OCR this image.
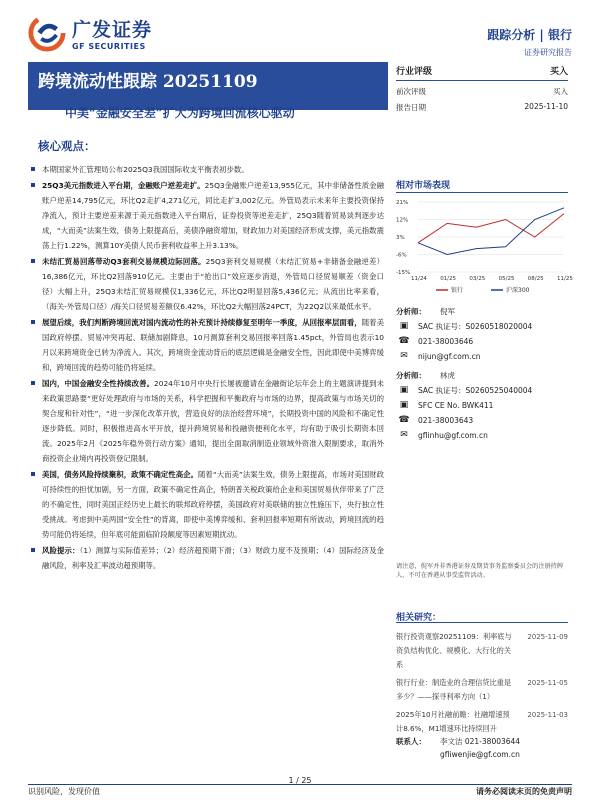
广发证券
GF SECURITIES
跟踪分析 | 银行
证券研究报告
跨境流动性跟踪 20251109
中美“金融安全差”扩大为跨境回流核心驱动
行业评级	买入
前次评级	买入
报告日期	2025-11-10
核心观点：
本期国家外汇管理局公布2025Q3我国国际收支平衡表初步数。
25Q3美元指数进入平台期，金融账户逆差走扩。25Q3金融账户逆差13,955亿元，其中非储备性质金融账户逆差14,795亿元，环比Q2走扩4,271亿元，同比走扩3,002亿元。外管局表示未来年主要投资保持净流入，预计主要逆差来源于美元指数进入平台期后，证券投资等逆差走扩，25Q3随着贸易谈判逐步达成，“大而美”法案生效，债务上限提高后，美债净融资增加，财政加力对美国经济形成支撑，美元指数震荡上行1.22%，测算10Y美债人民币套利收益率上升3.13%。
未结汇贸易回落带动Q3套利交易规模边际回落。25Q3套利交易规模（未结汇贸易+非储备金融逆差）16,386亿元，环比Q2回落910亿元。主要由于“抢出口”效应逐步消退，外管局口径贸易顺差（资金口径）大幅上升，25Q3未结汇贸易规模仅1,336亿元，环比Q2明显回落5,436亿元；从流出比率来看，（海关-外管局口径）/海关口径贸易差额仅6.42%，环比Q2大幅回落24PCT，为22Q2以来最低水平。
展望后续，我们判断跨境回流对国内流动性的补充预计持续修复至明年一季度，从回报率层面看，随着美国政府停摆、贸易冲突再起、联储加剧降息，10月测算套利交易回报率回落1.45pct，外管局也表示10月以来跨境资金已转为净流入。其次，跨境资金流动背后的底层逻辑是金融安全性，因此即使中美博弈缓和，跨境回流的趋势可能仍将延续。
国内，中国金融安全性持续改善。2024年10月中央行长屡被邀请在金融街论坛年会上的主题演讲提到未来政策思路要“更好处理政府与市场的关系，科学把握和平衡政府与市场的边界，提高政策与市场关切的契合度和针对性”，“进一步深化改革开放，营造良好的法治经营环境”，长期投资中国的风险和不确定性逐步降低。同时，积极推进高水平开放，提升跨境贸易和投融资便利化水平，均有助于吸引长期资本回流。2025年2月《2025年稳外资行动方案》通知，提出全面取消制造业领域外资准入限制要求，取消外商投资企业境内再投资登记限制。
美国，债务风险持续聚积，政策不确定性高企。随着“大而美”法案生效，债务上限提高，市场对美国财政可持续性的担忧加剧，另一方面，政策不确定性高企，特朗普关税政策给企业和美国贸易伙伴带来了广泛的不确定性，同时美国正经历史上最长的联邦政府停摆，美国政府对美联储的独立性施压下，央行独立性受挑战。考虑到中美两国“安全性”的背离，即使中美博弈缓和、套利回报率短期有所波动，跨境回流的趋势可能仍将延续，但年底可能面临阶段额度等因素短期扰动。
风险提示：（1）测算与实际值差异；（2）经济超预期下滑；（3）财政力度不及预期；（4）国际经济及金融风险，利率及汇率波动超预期等。
相对市场表现
21%
12%
3%
-6%
-15%
11/24 01/25 03/25 05/25 08/25 11/25
银行	沪深300
分析师：	倪军
▣	SAC 执证号：S0260518020004
☎	021-38003646
✉	nijun@gf.com.cn
分析师：	林虎
▣	SAC 执证号：S0260525040004
▣	SFC CE No. BWK411
☎	021-38003643
✉	gflinhu@gf.com.cn
请注意，倪军并非香港证券及期货事务监察委员会的注册持牌人，不可在香港从事受监管活动。
相关研究：
银行投资观察20251109：利率底与资负结构优化、规模化、大行化的关系
2025-11-09
银行行业：制造业的合理信贷比重是多少？——探寻利率方向（1）
2025-11-05
2025年10月社融前瞻：社融增速预计8.6%，M1增速环比持续回升
2025-11-03
联系人：	李文洁 021-38003644
gfliwenjie@gf.com.cn
1 / 25
识别风险，发现价值	请务必阅读末页的免责声明
